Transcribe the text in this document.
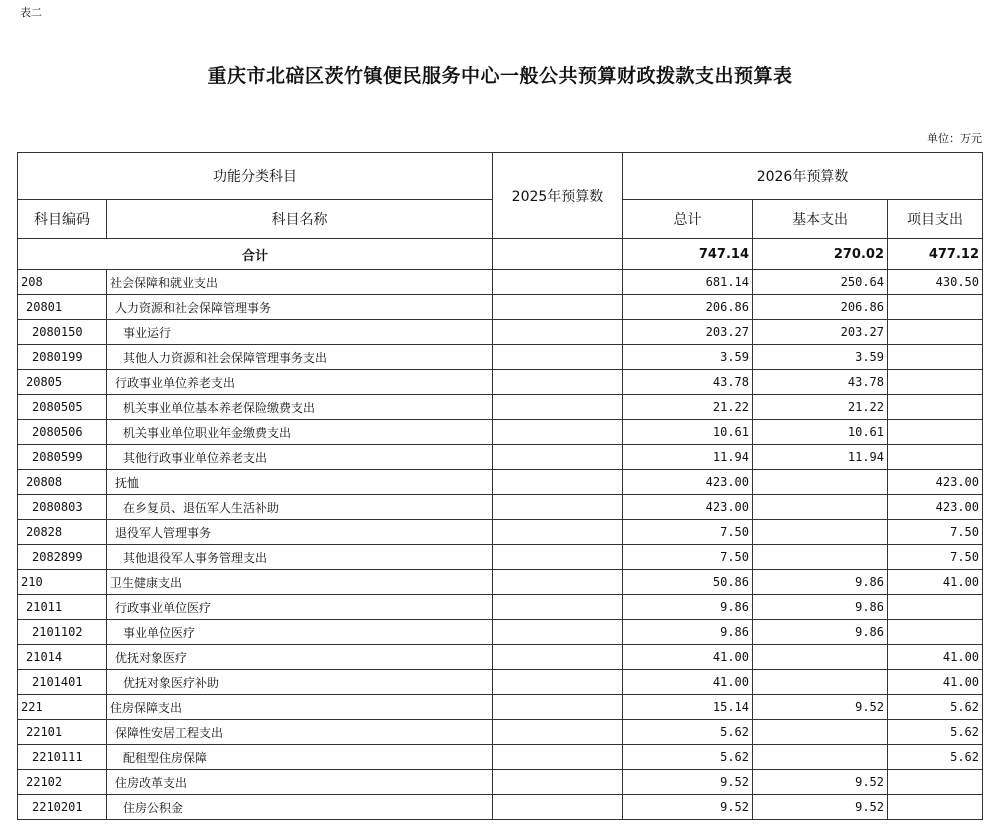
表二
重庆市北碚区茨竹镇便民服务中心一般公共预算财政拨款支出预算表
单位：万元
功能分类科目		2025年预算数	2026年预算数		
科目编码	科目名称		总计	基本支出	项目支出
合计			747.14	270.02	477.12
208	社会保障和就业支出		681.14	250.64	430.50
20801	人力资源和社会保障管理事务		206.86	206.86	
2080150	事业运行		203.27	203.27	
2080199	其他人力资源和社会保障管理事务支出		3.59	3.59	
20805	行政事业单位养老支出		43.78	43.78	
2080505	机关事业单位基本养老保险缴费支出		21.22	21.22	
2080506	机关事业单位职业年金缴费支出		10.61	10.61	
2080599	其他行政事业单位养老支出		11.94	11.94	
20808	抚恤		423.00		423.00
2080803	在乡复员、退伍军人生活补助		423.00		423.00
20828	退役军人管理事务		7.50		7.50
2082899	其他退役军人事务管理支出		7.50		7.50
210	卫生健康支出		50.86	9.86	41.00
21011	行政事业单位医疗		9.86	9.86	
2101102	事业单位医疗		9.86	9.86	
21014	优抚对象医疗		41.00		41.00
2101401	优抚对象医疗补助		41.00		41.00
221	住房保障支出		15.14	9.52	5.62
22101	保障性安居工程支出		5.62		5.62
2210111	配租型住房保障		5.62		5.62
22102	住房改革支出		9.52	9.52	
2210201	住房公积金		9.52	9.52	
